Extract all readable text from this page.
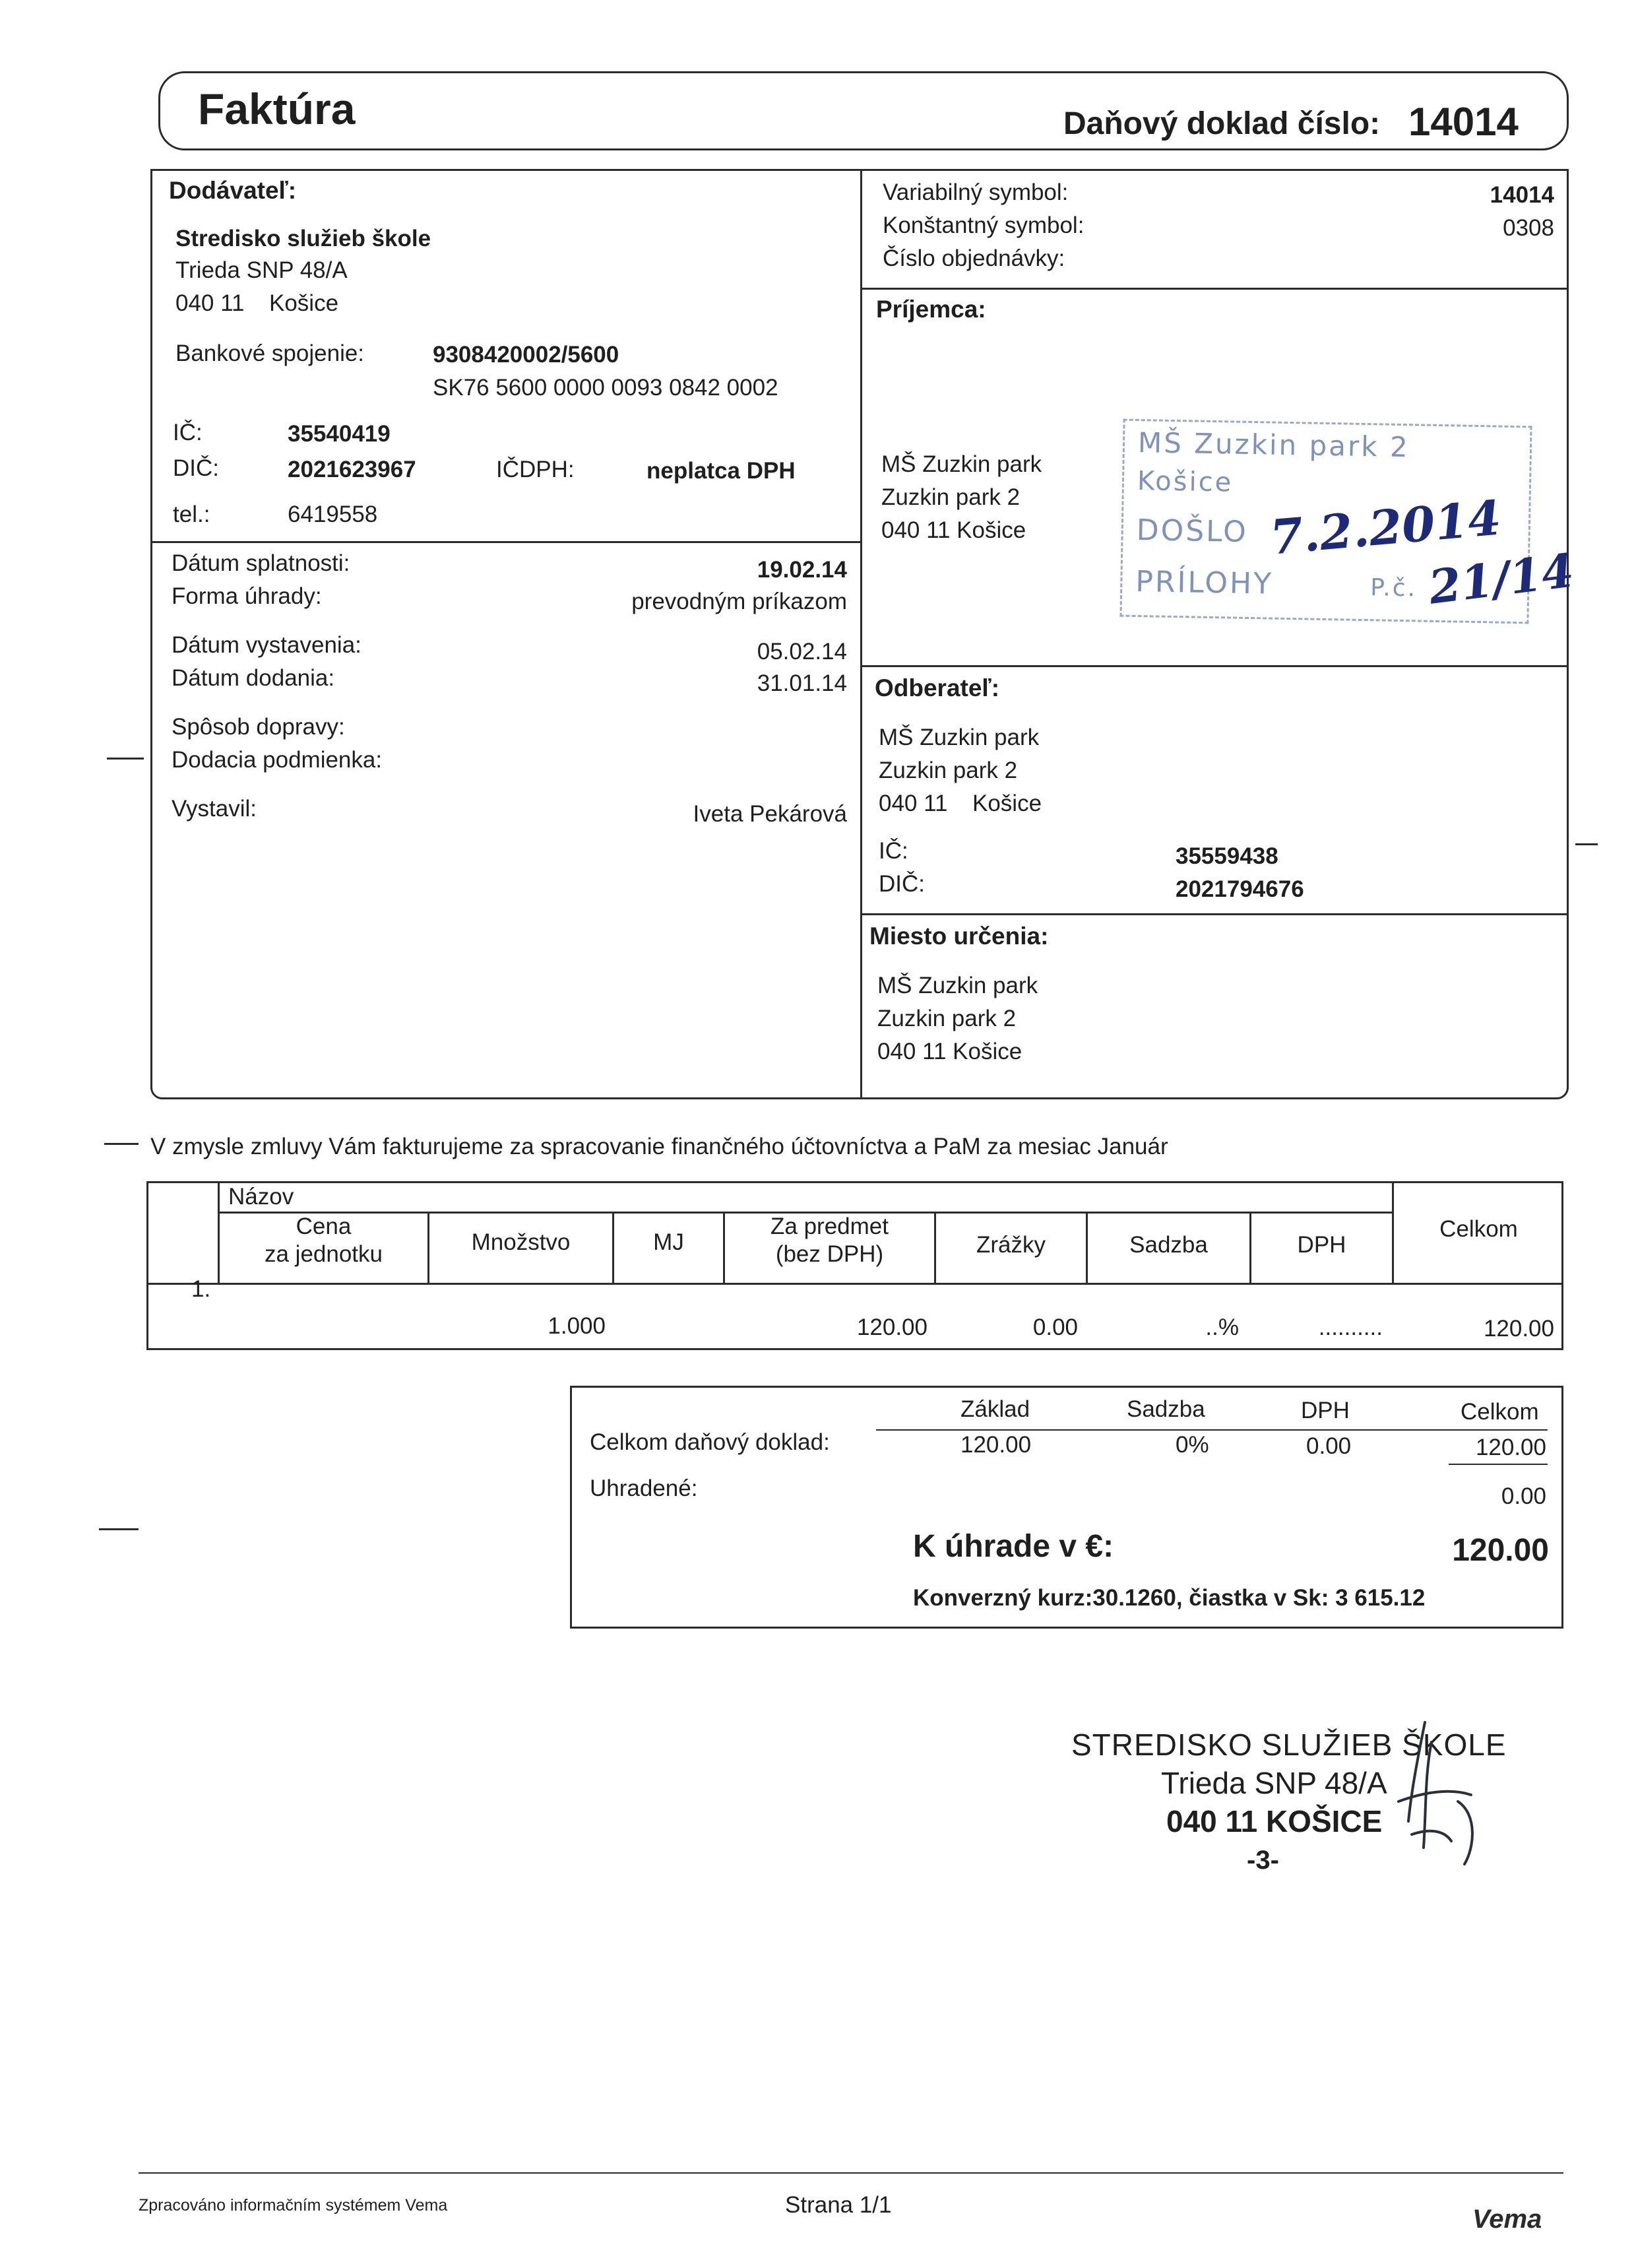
Faktúra	Daňový doklad číslo: 14014
Dodávateľ:
Stredisko služieb škole
Trieda SNP 48/A
040 11 Košice
Bankové spojenie:	9308420002/5600
SK76 5600 0000 0093 0842 0002
IČ:	35540419
DIČ:	2021623967	IČDPH:	neplatca DPH
tel.:	6419558
Variabilný symbol:	14014
Konštantný symbol:	0308
Číslo objednávky:
Príjemca:
MŠ Zuzkin park
Zuzkin park 2
040 11 Košice
MŠ Zuzkin park 2
Košice
DOŠLO
PRÍLOHY	P.č.
7.2.2014
21/14
Dátum splatnosti:	19.02.14
Forma úhrady:	prevodným príkazom
Dátum vystavenia:	05.02.14
Dátum dodania:	31.01.14
Spôsob dopravy:
Dodacia podmienka:
Vystavil:	Iveta Pekárová
Odberateľ:
MŠ Zuzkin park
Zuzkin park 2
040 11 Košice
IČ:	35559438
DIČ:	2021794676
Miesto určenia:
MŠ Zuzkin park
Zuzkin park 2
040 11 Košice
V zmysle zmluvy Vám fakturujeme za spracovanie finančného účtovníctva a PaM za mesiac Január
Názov
Cena
za jednotku	Množstvo	MJ
Za predmet
(bez DPH)	Zrážky	Sadzba	DPH
Celkom
1.
1.000	120.00	0.00	..%	..........	120.00
Základ	Sadzba	DPH	Celkom
Celkom daňový doklad:	120.00	0%	0.00	120.00
Uhradené:	0.00
K úhrade v €:	120.00
Konverzný kurz:30.1260, čiastka v Sk: 3 615.12
STREDISKO SLUŽIEB ŠKOLE
Trieda SNP 48/A
040 11 KOŠICE
-3-
Zpracováno informačním systémem Vema	Strana 1/1	Vema
